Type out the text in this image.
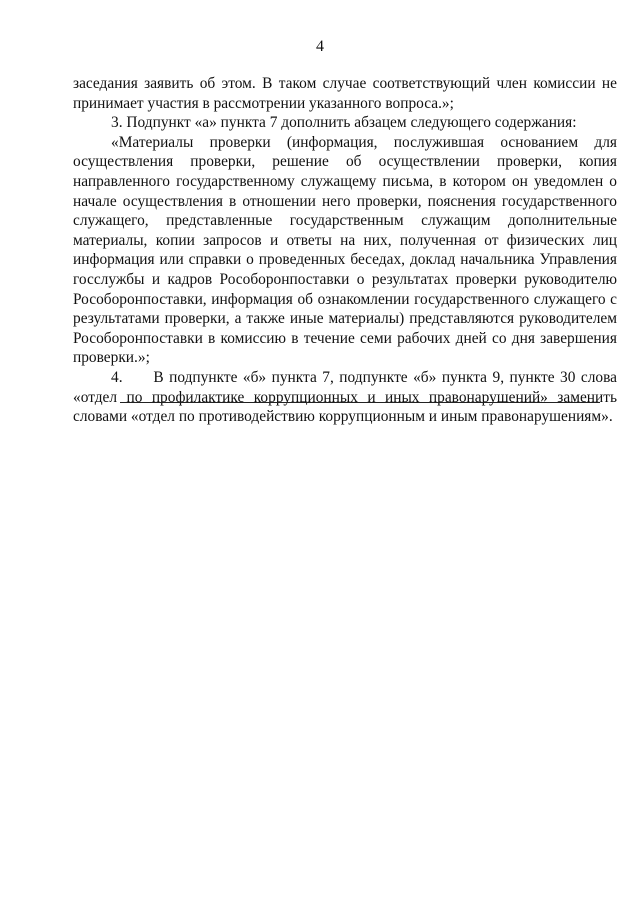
4

заседания заявить об этом. В таком случае соответствующий член комиссии не принимает участия в рассмотрении указанного вопроса.»;

3. Подпункт «а» пункта 7 дополнить абзацем следующего содержания:

«Материалы проверки (информация, послужившая основанием для осуществления проверки, решение об осуществлении проверки, копия направленного государственному служащему письма, в котором он уведомлен о начале осуществления в отношении него проверки, пояснения государственного служащего, представленные государственным служащим дополнительные материалы, копии запросов и ответы на них, полученная от физических лиц информация или справки о проведенных беседах, доклад начальника Управления госслужбы и кадров Рособоронпоставки о результатах проверки руководителю Рособоронпоставки, информация об ознакомлении государственного служащего с результатами проверки, а также иные материалы) представляются руководителем Рособоронпоставки в комиссию в течение семи рабочих дней со дня завершения проверки.»;

4.   В подпункте «б» пункта 7, подпункте «б» пункта 9, пункте 30 слова «отдел по профилактике коррупционных и иных правонарушений» заменить словами «отдел по противодействию коррупционным и иным правонарушениям».
